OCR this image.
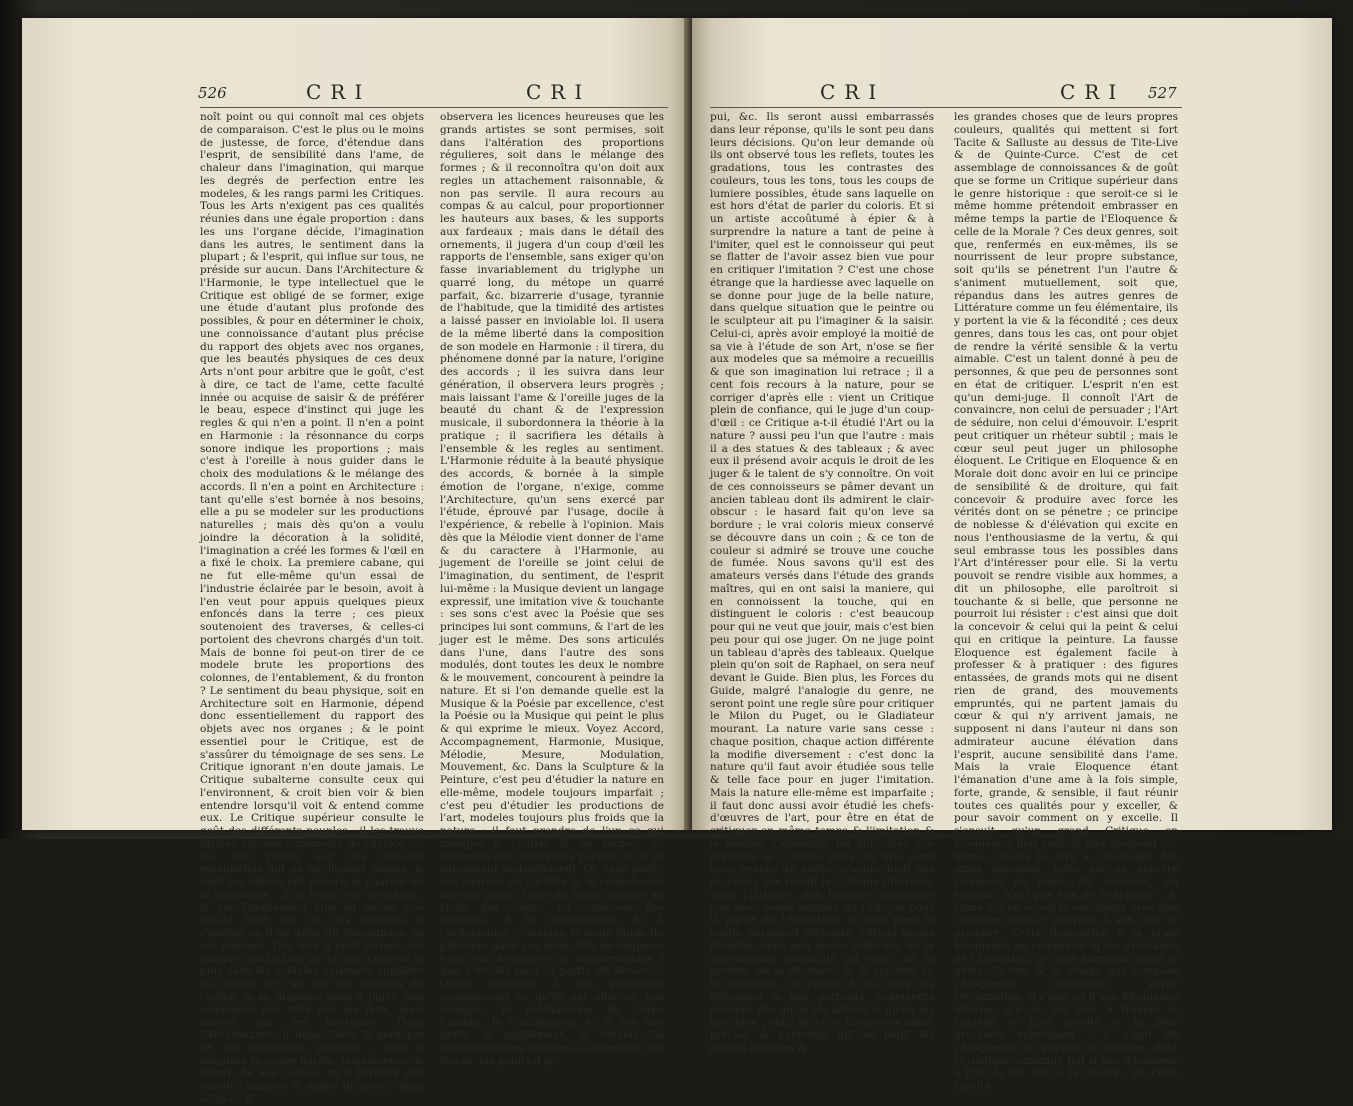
526	CRI	CRI

noît point ou qui connoît mal ces objets de comparaison. C'est le plus ou le moins de justesse, de force, d'étendue dans l'esprit, de sensibilité dans l'ame, de chaleur dans l'imagination, qui marque les degrés de perfection entre les modeles, & les rangs parmi les Critiques. Tous les Arts n'exigent pas ces qualités réunies dans une égale proportion : dans les uns l'organe décide, l'imagination dans les autres, le sentiment dans la plupart ; & l'esprit, qui influe sur tous, ne préside sur aucun. Dans l'Architecture & l'Harmonie, le type intellectuel que le Critique est obligé de se former, exige une étude d'autant plus profonde des possibles, & pour en déterminer le choix, une connoissance d'autant plus précise du rapport des objets avec nos organes, que les beautés physiques de ces deux Arts n'ont pour arbitre que le goût, c'est à dire, ce tact de l'ame, cette faculté innée ou acquise de saisir & de préférer le beau, espece d'instinct qui juge les regles & qui n'en a point. Il n'en a point en Harmonie : la résonnance du corps sonore indique les proportions ; mais c'est à l'oreille à nous guider dans le choix des modulations & le mélange des accords. Il n'en a point en Architecture : tant qu'elle s'est bornée à nos besoins, elle a pu se modeler sur les productions naturelles ; mais dès qu'on a voulu joindre la décoration à la solidité, l'imagination a créé les formes & l'œil en a fixé le choix. La premiere cabane, qui ne fut elle-même qu'un essai de l'industrie éclairée par le besoin, avoit à l'en veut pour appuis quelques pieux enfoncés dans la terre ; ces pieux soutenoient des traverses, & celles-ci portoient des chevrons chargés d'un toit. Mais de bonne foi peut-on tirer de ce modele brute les proportions des colonnes, de l'entablement, & du fronton ? Le sentiment du beau physique, soit en Architecture soit en Harmonie, dépend donc essentiellement du rapport des objets avec nos organes ; & le point essentiel pour le Critique, est de s'assûrer du témoignage de ses sens. Le Critique ignorant n'en doute jamais. Le Critique subalterne consulte ceux qui l'environnent, & croit bien voir & bien entendre lorsqu'il voit & entend comme eux. Le Critique supérieur consulte le goût des différents peuples ; il les trouve divisés sur des ornements de caprice ; il les voit réunis sur des beautés essentielles qui ne vieillissent jamais, & dont les débris ont encore le charme de la nouveauté : il se replie sur lui-même ; & par l'impression plus ou moins vive qu'ont faite sur lui ces beautés, il s'assûre ou il se défie du témoignage de ses organes. Dès lors il peut former son modele intellectuel de ce qui l'affecte le plus dans les modeles existants, suppléer au défaut de l'un par les beautés de l'autre, & se disposer ainsi à juger, non seulement des faits par les faits, mais encore par les possibles. Dans l'Architecture, il dépouillera le gothique de ses ornements puériles ; mais il adoptera la coupe hardie, majestueuse, & légere de ses voûtes, qu'il revêtira des beautés simples & mâles du grec ; dans celui-ci, il

observera les licences heureuses que les grands artistes se sont permises, soit dans l'altération des proportions régulieres, soit dans le mélange des formes ; & il reconnoîtra qu'on doit aux regles un attachement raisonnable, & non pas servile. Il aura recours au compas & au calcul, pour proportionner les hauteurs aux bases, & les supports aux fardeaux ; mais dans le détail des ornements, il jugera d'un coup d'œil les rapports de l'ensemble, sans exiger qu'on fasse invariablement du triglyphe un quarré long, du métope un quarré parfait, &c. bizarrerie d'usage, tyrannie de l'habitude, que la timidité des artistes a laissé passer en inviolable loi. Il usera de la même liberté dans la composition de son modele en Harmonie : il tirera, du phénomene donné par la nature, l'origine des accords ; il les suivra dans leur génération, il observera leurs progrès ; mais laissant l'ame & l'oreille juges de la beauté du chant & de l'expression musicale, il subordonnera la théorie à la pratique ; il sacrifiera les détails à l'ensemble & les regles au sentiment. L'Harmonie réduite à la beauté physique des accords, & bornée à la simple émotion de l'organe, n'exige, comme l'Architecture, qu'un sens exercé par l'étude, éprouvé par l'usage, docile à l'expérience, & rebelle à l'opinion. Mais dès que la Mélodie vient donner de l'ame & du caractere à l'Harmonie, au jugement de l'oreille se joint celui de l'imagination, du sentiment, de l'esprit lui-même : la Musique devient un langage expressif, une imitation vive & touchante : ses sons c'est avec la Poésie que ses principes lui sont communs, & l'art de les juger est le même. Des sons articulés dans l'une, dans l'autre des sons modulés, dont toutes les deux le nombre & le mouvement, concourent à peindre la nature. Et si l'on demande quelle est la Musique & la Poésie par excellence, c'est la Poésie ou la Musique qui peint le plus & qui exprime le mieux. Voyez Accord, Accompagnement, Harmonie, Musique, Mélodie, Mesure, Modulation, Mouvement, &c. Dans la Sculpture & la Peinture, c'est peu d'étudier la nature en elle-même, modele toujours imparfait ; c'est peu d'étudier les productions de l'art, modeles toujours plus froids que la nature : il faut prendre de l'un ce qui manque à l'autre, & se former un ensemble des différentes parties où ils se surpassent mutuellement. Or, sans parler des sources où l'artiste & le connoisseur doivent puiser l'idée du beau, relative au choix des sujets, au caractere des passions, à la composition, & à l'ordonnance ; combien la seule étude du physique dans ces deux Arts ne suppose-t-elle pas d'épreuves & d'observations ? que d'études pour la partie du dessein ! Qu'on demande à nos prétendus connoisseurs ce qu'ils ont observé, par exemple, le méchanisme du corps humain, la combinaison & le jeu des nerfs, le gonflement, la tension, la contraction des muscles, la direction des forces, les points d'ap-

CRI	CRI 527

pui, &c. Ils seront aussi embarrassés dans leur réponse, qu'ils le sont peu dans leurs décisions. Qu'on leur demande où ils ont observé tous les reflets, toutes les gradations, tous les contrastes des couleurs, tous les tons, tous les coups de lumiere possibles, étude sans laquelle on est hors d'état de parler du coloris. Et si un artiste accoûtumé à épier & à surprendre la nature a tant de peine à l'imiter, quel est le connoisseur qui peut se flatter de l'avoir assez bien vue pour en critiquer l'imitation ? C'est une chose étrange que la hardiesse avec laquelle on se donne pour juge de la belle nature, dans quelque situation que le peintre ou le sculpteur ait pu l'imaginer & la saisir. Celui-ci, après avoir employé la moitié de sa vie à l'étude de son Art, n'ose se fier aux modeles que sa mémoire a recueillis & que son imagination lui retrace ; il a cent fois recours à la nature, pour se corriger d'après elle : vient un Critique plein de confiance, qui le juge d'un coup-d'œil : ce Critique a-t-il étudié l'Art ou la nature ? aussi peu l'un que l'autre : mais il a des statues & des tableaux ; & avec eux il présend avoir acquis le droit de les juger & le talent de s'y connoître. On voit de ces connoisseurs se pâmer devant un ancien tableau dont ils admirent le clair-obscur : le hasard fait qu'on leve sa bordure ; le vrai coloris mieux conservé se découvre dans un coin ; & ce ton de couleur si admiré se trouve une couche de fumée. Nous savons qu'il est des amateurs versés dans l'étude des grands maîtres, qui en ont saisi la maniere, qui en connoissent la touche, qui en distinguent le coloris : c'est beaucoup pour qui ne veut que jouir, mais c'est bien peu pour qui ose juger. On ne juge point un tableau d'après des tableaux. Quelque plein qu'on soit de Raphael, on sera neuf devant le Guide. Bien plus, les Forces du Guide, malgré l'analogie du genre, ne seront point une regle sûre pour critiquer le Milon du Puget, ou le Gladiateur mourant. La nature varie sans cesse : chaque position, chaque action différente la modifie diversement : c'est donc la nature qu'il faut avoir étudiée sous telle & telle face pour en juger l'imitation. Mais la nature elle-même est imparfaite ; il faut donc aussi avoir étudié les chefs-d'œuvres de l'art, pour être en état de critiquer en même temps & l'imitation & le modele. Cependant les difficultés que présente la Critique dans les Arts dont nous venons de parler, n'approchent pas de celles que réunit la Critique littéraire. Dans l'Histoire, aux lumieres profondes que nous avons exigées du Critique pour la partie de l'Erudition, se joint pour la partie purement littéraire, l'étude moins étendue, mais non moins réfléchie, de la majestueuse simplicité du style, de la netteté, de la décence, de la rapidité de la narration ; de l'usage & du choix des réflexions & des portraits, ornements puériles dès qu'on les affecte & qu'on les prodigue ; enfin de cette Eloquence mâle, précise, & naturelle, qui ne peint les grands hommes &

les grandes choses que de leurs propres couleurs, qualités qui mettent si fort Tacite & Salluste au dessus de Tite-Live & de Quinte-Curce. C'est de cet assemblage de connoissances & de goût que se forme un Critique supérieur dans le genre historique : que seroit-ce si le même homme prétendoit embrasser en même temps la partie de l'Eloquence & celle de la Morale ? Ces deux genres, soit que, renfermés en eux-mêmes, ils se nourrissent de leur propre substance, soit qu'ils se pénetrent l'un l'autre & s'animent mutuellement, soit que, répandus dans les autres genres de Littérature comme un feu élémentaire, ils y portent la vie & la fécondité ; ces deux genres, dans tous les cas, ont pour objet de rendre la vérité sensible & la vertu aimable. C'est un talent donné à peu de personnes, & que peu de personnes sont en état de critiquer. L'esprit n'en est qu'un demi-juge. Il connoît l'Art de convaincre, non celui de persuader ; l'Art de séduire, non celui d'émouvoir. L'esprit peut critiquer un rhéteur subtil ; mais le cœur seul peut juger un philosophe éloquent. Le Critique en Eloquence & en Morale doit donc avoir en lui ce principe de sensibilité & de droiture, qui fait concevoir & produire avec force les vérités dont on se pénetre ; ce principe de noblesse & d'élévation qui excite en nous l'enthousiasme de la vertu, & qui seul embrasse tous les possibles dans l'Art d'intéresser pour elle. Si la vertu pouvoit se rendre visible aux hommes, a dit un philosophe, elle paroîtroit si touchante & si belle, que personne ne pourroit lui résister : c'est ainsi que doit la concevoir & celui qui la peint & celui qui en critique la peinture. La fausse Eloquence est également facile à professer & à pratiquer : des figures entassées, de grands mots qui ne disent rien de grand, des mouvements empruntés, qui ne partent jamais du cœur & qui n'y arrivent jamais, ne supposent ni dans l'auteur ni dans son admirateur aucune élévation dans l'esprit, aucune sensibilité dans l'ame. Mais la vraie Eloquence étant l'émanation d'une ame à la fois simple, forte, grande, & sensible, il faut réunir toutes ces qualités pour y exceller, & pour savoir comment on y excelle. Il s'ensuit qu'un grand Critique en Eloquence, doit pouvoir être éloquent lui-même. Osons le dire à l'avantage des ames sensibles, celui qui se pénetre vivement du beau, du touchant, du sublime, n'est pas loin de l'exprimer ; & l'ame qui en reçoit le sentiment avec une certaine chaleur, pourroit à son tour le produire. Cette disposition à la vraie Eloquence ne comprend ni les avantages de l'Elocution, ni cette harmonie entre le geste, le ton, & le visage qui compose l'Eloquence extérieure. Voyez Déclamation. Il s'agit ici d'une Eloquence interne, qui se fait jour à travers le langage le plus inculte & la plus grossiere expression : il s'agit de l'Eloquence du paysan du Danube, dont la rustique sublimité fait si peu d'honneur à l'Art & fait tant à la nature ; de cette faculté
